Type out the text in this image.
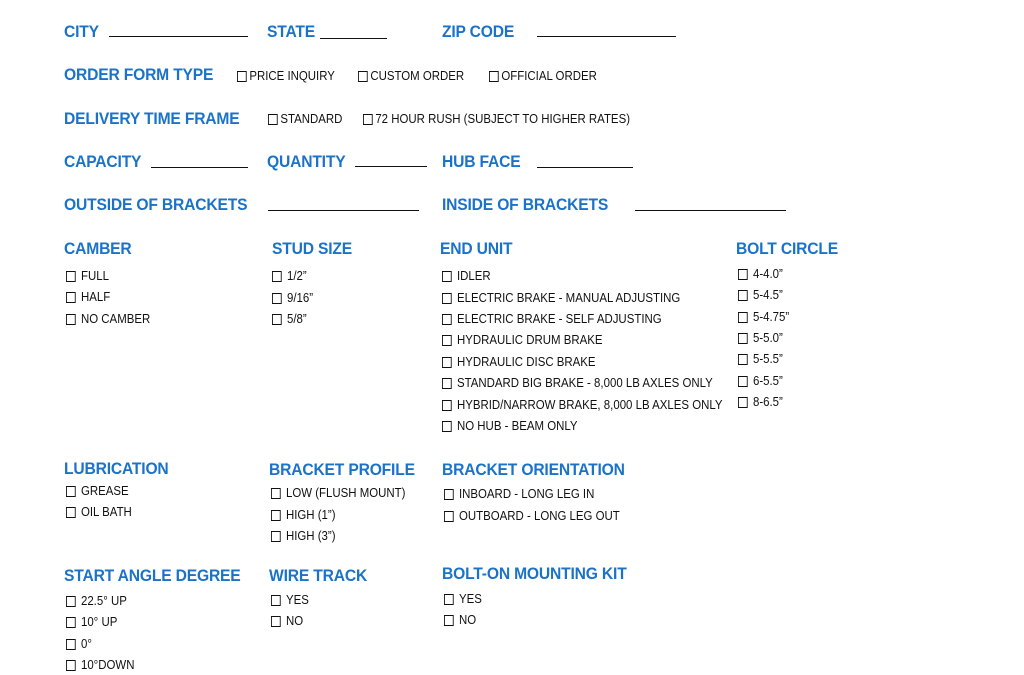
CITY	STATE	ZIP CODE
ORDER FORM TYPE	PRICE INQUIRY	CUSTOM ORDER	OFFICIAL ORDER
DELIVERY TIME FRAME	STANDARD 72 HOUR RUSH (SUBJECT TO HIGHER RATES)
CAPACITY	QUANTITY	HUB FACE
OUTSIDE OF BRACKETS	INSIDE OF BRACKETS
CAMBER
FULL
HALF
NO CAMBER
STUD SIZE
1/2”
9/16”
5/8”
END UNIT
IDLER
ELECTRIC BRAKE - MANUAL ADJUSTING
ELECTRIC BRAKE - SELF ADJUSTING
HYDRAULIC DRUM BRAKE
HYDRAULIC DISC BRAKE
STANDARD BIG BRAKE - 8,000 LB AXLES ONLY
HYBRID/NARROW BRAKE, 8,000 LB AXLES ONLY
NO HUB - BEAM ONLY
BOLT CIRCLE
4-4.0”
5-4.5”
5-4.75”
5-5.0”
5-5.5”
6-5.5”
8-6.5”
LUBRICATION
GREASE
OIL BATH
BRACKET PROFILE
LOW (FLUSH MOUNT)
HIGH (1”)
HIGH (3”)
BRACKET ORIENTATION
INBOARD - LONG LEG IN
OUTBOARD - LONG LEG OUT
START ANGLE DEGREE
22.5° UP
10° UP
0°
10°DOWN
WIRE TRACK
YES
NO
BOLT-ON MOUNTING KIT
YES
NO
